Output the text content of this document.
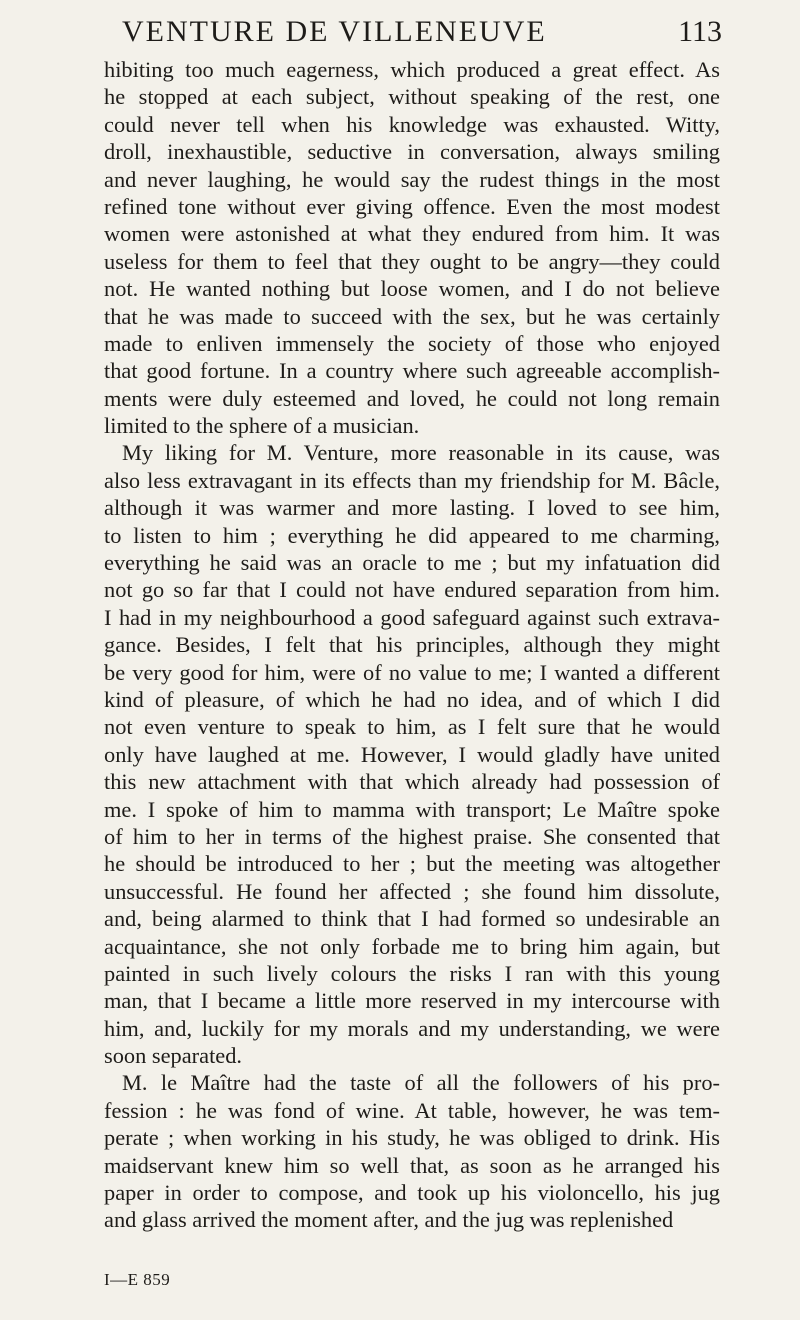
VENTURE DE VILLENEUVE	113
hibiting too much eagerness, which produced a great effect. As
he stopped at each subject, without speaking of the rest, one
could never tell when his knowledge was exhausted. Witty,
droll, inexhaustible, seductive in conversation, always smiling
and never laughing, he would say the rudest things in the most
refined tone without ever giving offence. Even the most modest
women were astonished at what they endured from him. It was
useless for them to feel that they ought to be angry—they could
not. He wanted nothing but loose women, and I do not believe
that he was made to succeed with the sex, but he was certainly
made to enliven immensely the society of those who enjoyed
that good fortune. In a country where such agreeable accomplish-
ments were duly esteemed and loved, he could not long remain
limited to the sphere of a musician.
My liking for M. Venture, more reasonable in its cause, was
also less extravagant in its effects than my friendship for M. Bâcle,
although it was warmer and more lasting. I loved to see him,
to listen to him ; everything he did appeared to me charming,
everything he said was an oracle to me ; but my infatuation did
not go so far that I could not have endured separation from him.
I had in my neighbourhood a good safeguard against such extrava-
gance. Besides, I felt that his principles, although they might
be very good for him, were of no value to me; I wanted a different
kind of pleasure, of which he had no idea, and of which I did
not even venture to speak to him, as I felt sure that he would
only have laughed at me. However, I would gladly have united
this new attachment with that which already had possession of
me. I spoke of him to mamma with transport; Le Maître spoke
of him to her in terms of the highest praise. She consented that
he should be introduced to her ; but the meeting was altogether
unsuccessful. He found her affected ; she found him dissolute,
and, being alarmed to think that I had formed so undesirable an
acquaintance, she not only forbade me to bring him again, but
painted in such lively colours the risks I ran with this young
man, that I became a little more reserved in my intercourse with
him, and, luckily for my morals and my understanding, we were
soon separated.
M. le Maître had the taste of all the followers of his pro-
fession : he was fond of wine. At table, however, he was tem-
perate ; when working in his study, he was obliged to drink. His
maidservant knew him so well that, as soon as he arranged his
paper in order to compose, and took up his violoncello, his jug
and glass arrived the moment after, and the jug was replenished
I—E 859
